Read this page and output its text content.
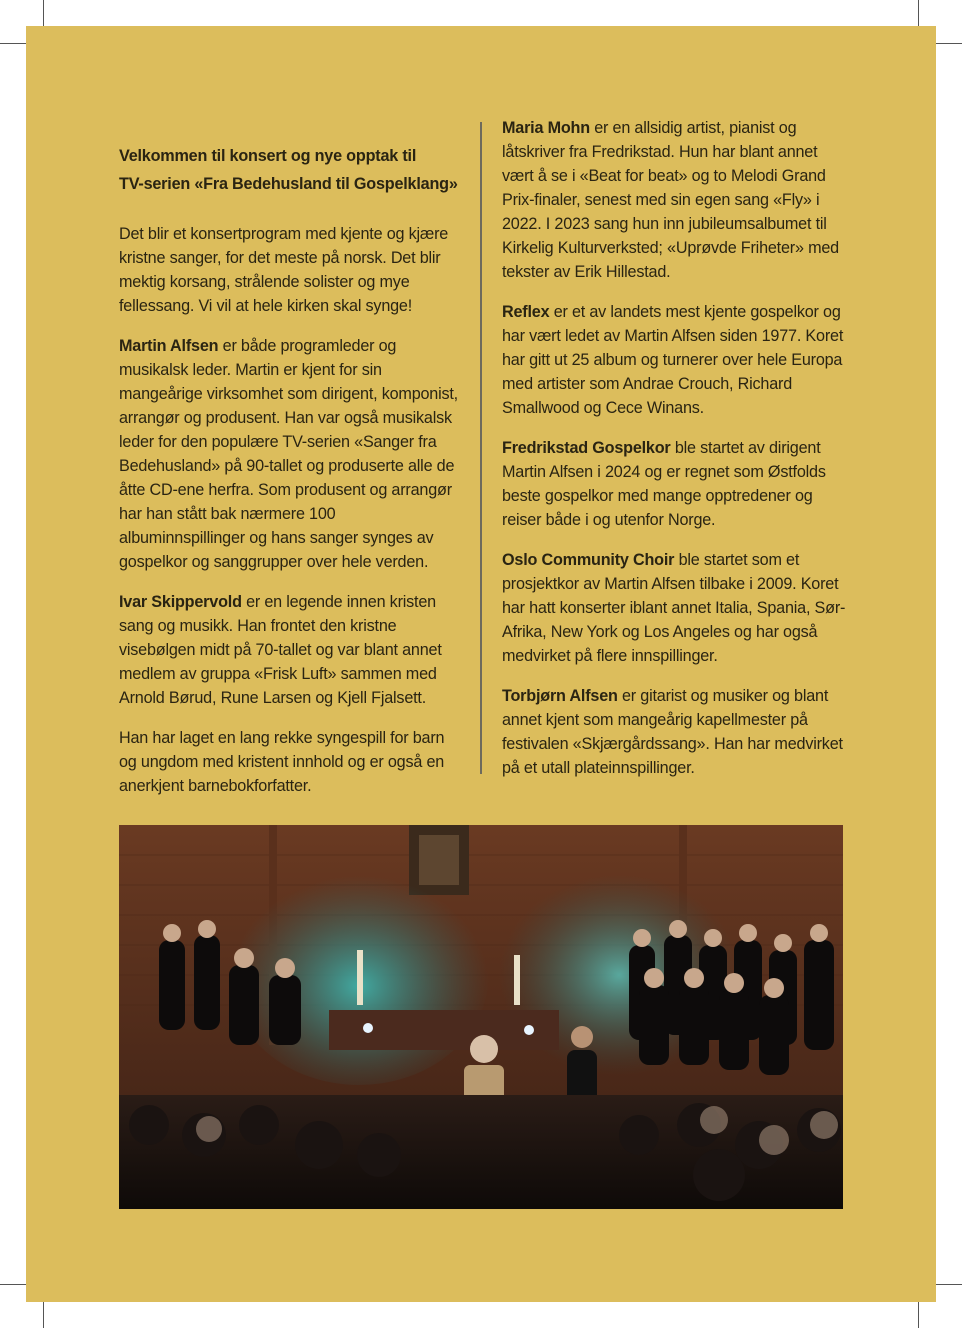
Velkommen til konsert og nye opptak til
TV-serien «Fra Bedehusland til Gospelklang»

Det blir et konsertprogram med kjente og kjære kristne sanger, for det meste på norsk. Det blir mektig korsang, strålende solister og mye fellessang. Vi vil at hele kirken skal synge!

Martin Alfsen er både programleder og musikalsk leder. Martin er kjent for sin mangeårige virksomhet som dirigent, komponist, arrangør og produsent. Han var også musikalsk leder for den populære TV-serien «Sanger fra Bedehusland» på 90-tallet og produserte alle de åtte CD-ene herfra. Som produsent og arrangør har han stått bak nærmere 100 albuminnspillinger og hans sanger synges av gospelkor og sanggrupper over hele verden.

Ivar Skippervold er en legende innen kristen sang og musikk. Han frontet den kristne visebølgen midt på 70-tallet og var blant annet medlem av gruppa «Frisk Luft» sammen med Arnold Børud, Rune Larsen og Kjell Fjalsett.

Han har laget en lang rekke syngespill for barn og ungdom med kristent innhold og er også en anerkjent barnebokforfatter.

Maria Mohn er en allsidig artist, pianist og låtskriver fra Fredrikstad. Hun har blant annet vært å se i «Beat for beat» og to Melodi Grand Prix-finaler, senest med sin egen sang «Fly» i 2022. I 2023 sang hun inn jubileumsalbumet til Kirkelig Kulturverksted; «Uprøvde Friheter» med tekster av Erik Hillestad.

Reflex er et av landets mest kjente gospelkor og har vært ledet av Martin Alfsen siden 1977. Koret har gitt ut 25 album og turnerer over hele Europa med artister som Andrae Crouch, Richard Smallwood og Cece Winans.

Fredrikstad Gospelkor ble startet av dirigent Martin Alfsen i 2024 og er regnet som Østfolds beste gospelkor med mange opptredener og reiser både i og utenfor Norge.

Oslo Community Choir ble startet som et prosjektkor av Martin Alfsen tilbake i 2009. Koret har hatt konserter iblant annet Italia, Spania, Sør-Afrika, New York og Los Angeles og har også medvirket på flere innspillinger.

Torbjørn Alfsen er gitarist og musiker og blant annet kjent som mangeårig kapellmester på festivalen «Skjærgårdssang». Han har medvirket på et utall plateinnspillinger.
